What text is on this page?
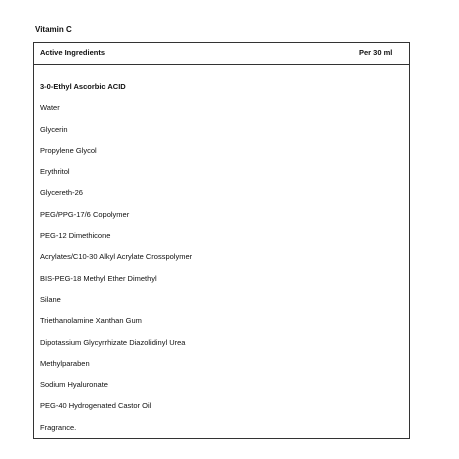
Vitamin C
Active Ingredients	Per 30 ml
3-0-Ethyl Ascorbic ACID
Water
Glycerin
Propylene Glycol
Erythritol
Glycereth-26
PEG/PPG-17/6 Copolymer
PEG-12 Dimethicone
Acrylates/C10-30 Alkyl Acrylate Crosspolymer
BIS-PEG-18 Methyl Ether Dimethyl
Silane
Triethanolamine Xanthan Gum
Dipotassium Glycyrrhizate Diazolidinyl Urea
Methylparaben
Sodium Hyaluronate
PEG-40 Hydrogenated Castor Oil
Fragrance.
